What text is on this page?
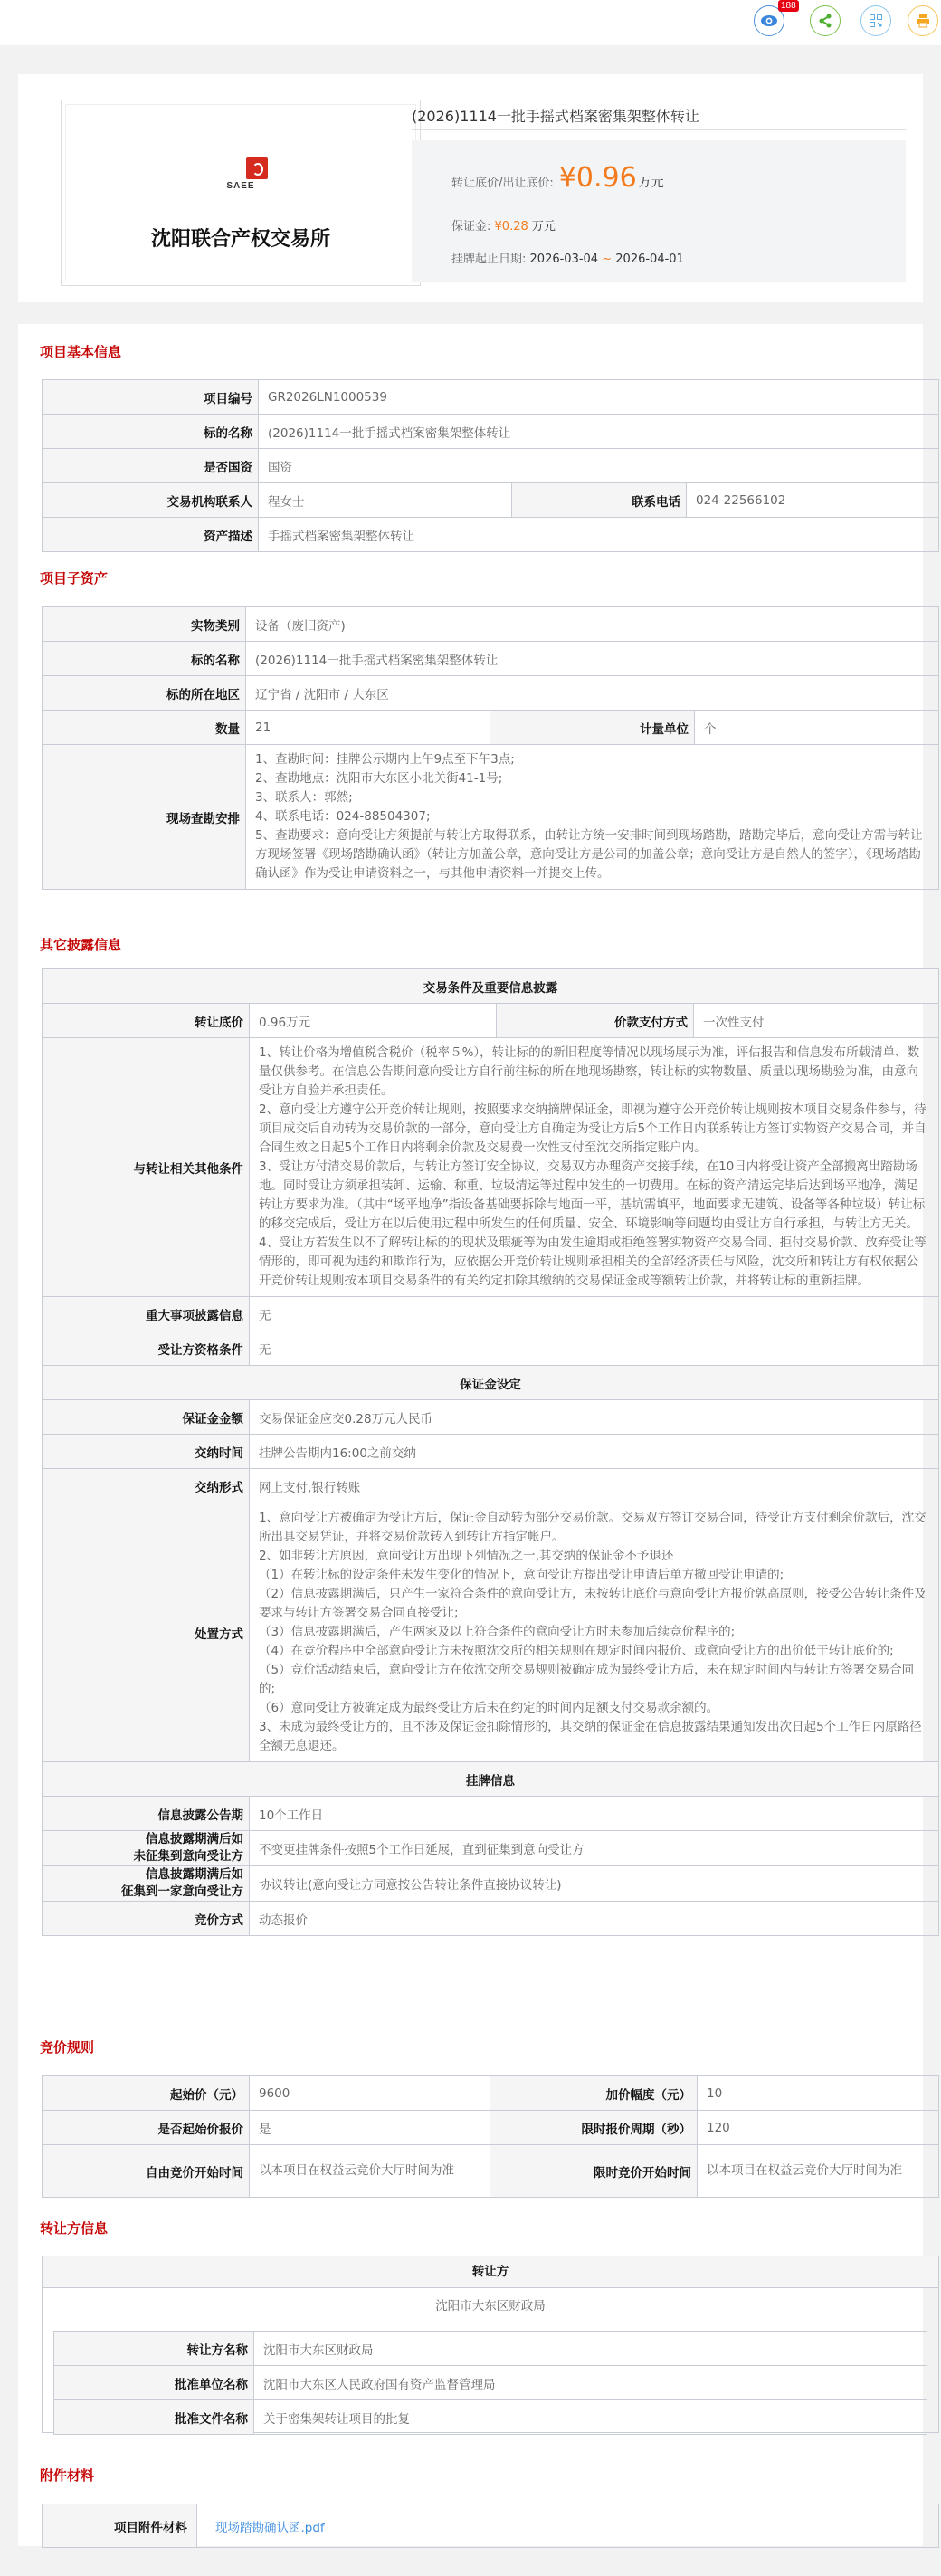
188
SAEE
沈阳联合产权交易所
(2026)1114一批手摇式档案密集架整体转让
转让底价/出让底价: ¥0.96 万元
保证金: ¥0.28 万元
挂牌起止日期: 2026-03-04 ~ 2026-04-01
项目基本信息
项目编号	GR2026LN1000539		
标的名称	(2026)1114一批手摇式档案密集架整体转让		
是否国资	国资		
交易机构联系人	程女士	联系电话	024-22566102
资产描述	手摇式档案密集架整体转让		
项目子资产
实物类别	设备（废旧资产)		
标的名称	(2026)1114一批手摇式档案密集架整体转让		
标的所在地区	辽宁省 / 沈阳市 / 大东区		
数量	21	计量单位	个
现场查勘安排	1、查勘时间：挂牌公示期内上午9点至下午3点;
2、查勘地点：沈阳市大东区小北关街41-1号;
3、联系人：郭然;
4、联系电话：024-88504307;
5、查勘要求：意向受让方须提前与转让方取得联系，由转让方统一安排时间到现场踏勘，踏勘完毕后，意向受让方需与转让方现场签署《现场踏勘确认函》（转让方加盖公章，意向受让方是公司的加盖公章；意向受让方是自然人的签字），《现场踏勘确认函》作为受让申请资料之一，与其他申请资料一并提交上传。		
其它披露信息
交易条件及重要信息披露			
转让底价	0.96万元	价款支付方式	一次性支付
与转让相关其他条件	1、转让价格为增值税含税价（税率５%），转让标的的新旧程度等情况以现场展示为准，评估报告和信息发布所载清单、数量仅供参考。在信息公告期间意向受让方自行前往标的所在地现场勘察，转让标的实物数量、质量以现场勘验为准，由意向受让方自验并承担责任。
2、意向受让方遵守公开竞价转让规则，按照要求交纳摘牌保证金，即视为遵守公开竞价转让规则按本项目交易条件参与，待项目成交后自动转为交易价款的一部分，意向受让方自确定为受让方后5个工作日内联系转让方签订实物资产交易合同，并自合同生效之日起5个工作日内将剩余价款及交易费一次性支付至沈交所指定账户内。
3、受让方付清交易价款后，与转让方签订安全协议，交易双方办理资产交接手续，在10日内将受让资产全部搬离出踏勘场地。同时受让方须承担装卸、运输、称重、垃圾清运等过程中发生的一切费用。在标的资产清运完毕后达到场平地净，满足转让方要求为准。（其中“场平地净”指设备基础要拆除与地面一平，基坑需填平，地面要求无建筑、设备等各种垃圾）转让标的移交完成后，受让方在以后使用过程中所发生的任何质量、安全、环境影响等问题均由受让方自行承担，与转让方无关。
4、受让方若发生以不了解转让标的的现状及瑕疵等为由发生逾期或拒绝签署实物资产交易合同、拒付交易价款、放弃受让等情形的，即可视为违约和欺诈行为，应依据公开竞价转让规则承担相关的全部经济责任与风险，沈交所和转让方有权依据公开竞价转让规则按本项目交易条件的有关约定扣除其缴纳的交易保证金或等额转让价款，并将转让标的重新挂牌。		

重大事项披露信息	无		
受让方资格条件	无		
保证金设定			
保证金金额	交易保证金应交0.28万元人民币		
交纳时间	挂牌公告期内16:00之前交纳		
交纳形式	网上支付,银行转账		
处置方式	
1、意向受让方被确定为受让方后，保证金自动转为部分交易价款。交易双方签订交易合同，待受让方支付剩余价款后，沈交所出具交易凭证，并将交易价款转入到转让方指定帐户。
2、如非转让方原因，意向受让方出现下列情况之一,其交纳的保证金不予退还
（1）在转让标的设定条件未发生变化的情况下，意向受让方提出受让申请后单方撤回受让申请的;
（2）信息披露期满后，只产生一家符合条件的意向受让方，未按转让底价与意向受让方报价孰高原则，接受公告转让条件及要求与转让方签署交易合同直接受让;
（3）信息披露期满后，产生两家及以上符合条件的意向受让方时未参加后续竞价程序的;
（4）在竞价程序中全部意向受让方未按照沈交所的相关规则在规定时间内报价、或意向受让方的出价低于转让底价的;
（5）竞价活动结束后，意向受让方在依沈交所交易规则被确定成为最终受让方后，未在规定时间内与转让方签署交易合同的;
（6）意向受让方被确定成为最终受让方后未在约定的时间内足额支付交易款余额的。
3、未成为最终受让方的，且不涉及保证金扣除情形的，其交纳的保证金在信息披露结果通知发出次日起5个工作日内原路径全额无息退还。

挂牌信息			
信息披露公告期	10个工作日		

信息披露期满后如
未征集到意向受让方	不变更挂牌条件按照5个工作日延展，直到征集到意向受让方		

信息披露期满后如
征集到一家意向受让方	协议转让(意向受让方同意按公告转让条件直接协议转让)		
竞价方式	动态报价		
竞价规则
起始价（元）	9600	加价幅度（元）	10
是否起始价报价	是	限时报价周期（秒）	120
自由竞价开始时间	以本项目在权益云竞价大厅时间为准	限时竞价开始时间	以本项目在权益云竞价大厅时间为准
转让方信息
转让方
沈阳市大东区财政局
转让方名称	沈阳市大东区财政局
批准单位名称	沈阳市大东区人民政府国有资产监督管理局
批准文件名称	关于密集架转让项目的批复
附件材料
项目附件材料	现场踏勘确认函.pdf
